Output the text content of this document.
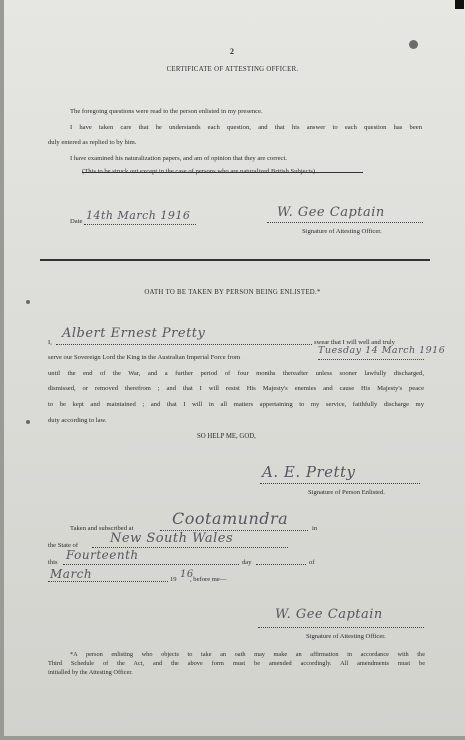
2
CERTIFICATE OF ATTESTING OFFICER.
The foregoing questions were read to the person enlisted in my presence.
I have taken care that he understands each question, and that his answer to each question has been
duly entered as replied to by him.
I have examined his naturalization papers, and am of opinion that they are correct.
Date 14th March 1916	W. Gee Captain
Signature of Attesting Officer.
OATH TO BE TAKEN BY PERSON BEING ENLISTED.*
I,
Albert Ernest Pretty
swear that I will well and truly
serve our Sovereign Lord the King in the Australian Imperial Force from
Tuesday 14 March 1916
until the end of the War, and a further period of four months thereafter unless sooner lawfully discharged,
dismissed, or removed therefrom ; and that I will resist His Majesty's enemies and cause His Majesty's peace
to be kept and maintained ; and that I will in all matters appertaining to my service, faithfully discharge my
duty according to law.
SO HELP ME, GOD,
A. E. Pretty
Signature of Person Enlisted.
Taken and subscribed at
Cootamundra
in
the State of New South Wales
this
Fourteenth
day	of
March	19 16
, before me—
W. Gee Captain
Signature of Attesting Officer.
*A person enlisting who objects to take an oath may make an affirmation in accordance with the
Third Schedule of the Act, and the above form must be amended accordingly. All amendments must be
initialled by the Attesting Officer.
